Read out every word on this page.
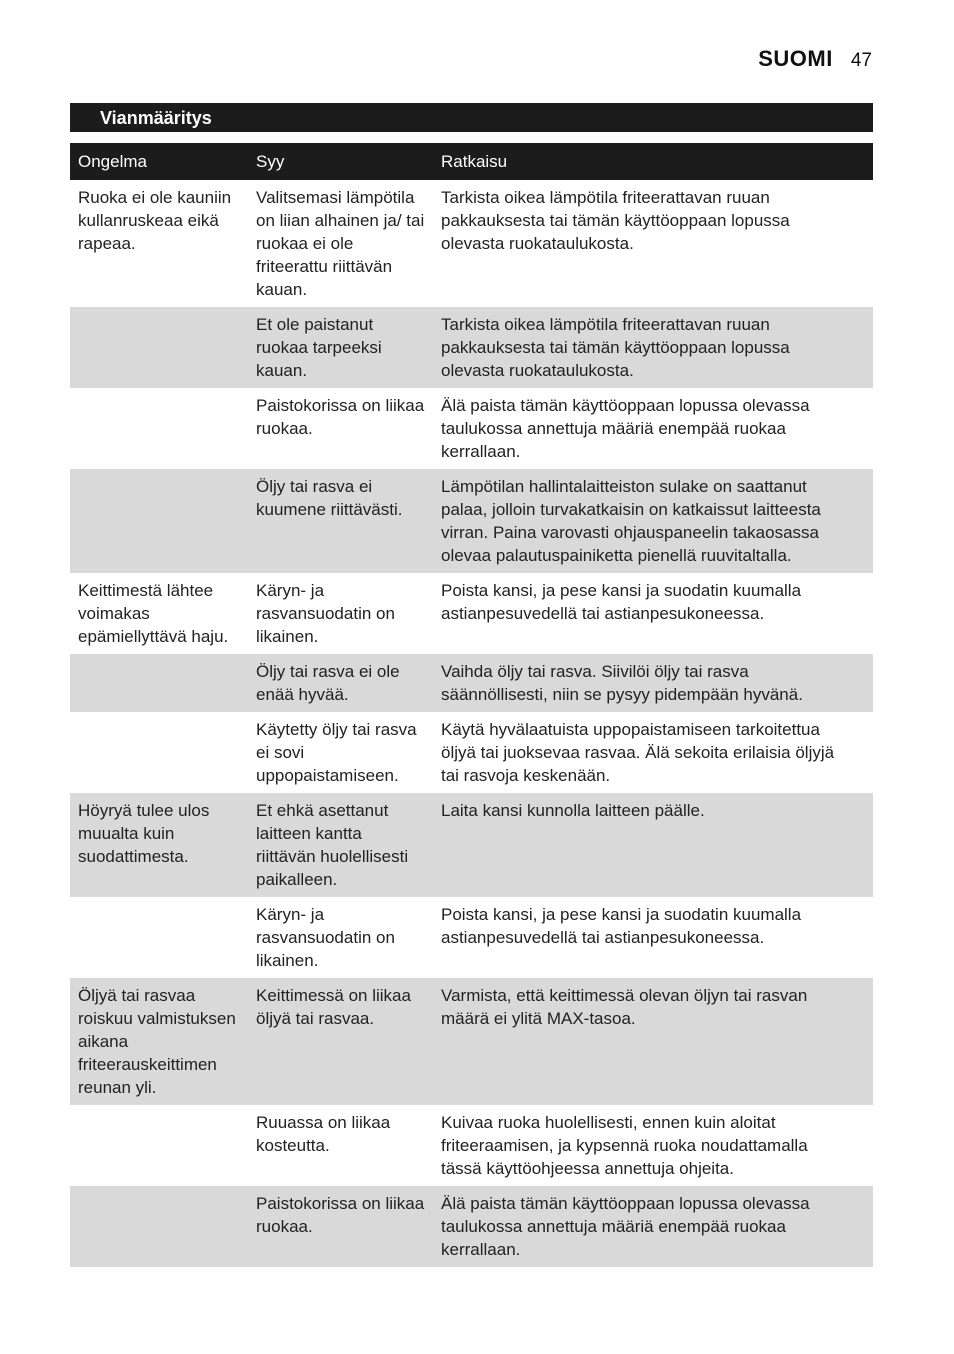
SUOMI 47
Vianmääritys
Ongelma	Syy	Ratkaisu
Ruoka ei ole kauniin kullanruskeaa eikä rapeaa.	Valitsemasi lämpötila on liian alhainen ja/ tai ruokaa ei ole friteerattu riittävän kauan.	Tarkista oikea lämpötila friteerattavan ruuan pakkauksesta tai tämän käyttöoppaan lopussa olevasta ruokataulukosta.
	Et ole paistanut ruokaa tarpeeksi kauan.	Tarkista oikea lämpötila friteerattavan ruuan pakkauksesta tai tämän käyttöoppaan lopussa olevasta ruokataulukosta.
	Paistokorissa on liikaa ruokaa.	Älä paista tämän käyttöoppaan lopussa olevassa taulukossa annettuja määriä enempää ruokaa kerrallaan.
	Öljy tai rasva ei kuumene riittävästi.	Lämpötilan hallintalaitteiston sulake on saattanut palaa, jolloin turvakatkaisin on katkaissut laitteesta virran. Paina varovasti ohjauspaneelin takaosassa olevaa palautuspainiketta pienellä ruuvitaltalla.
Keittimestä lähtee voimakas epämiellyttävä haju.	Käryn- ja rasvansuodatin on likainen.	Poista kansi, ja pese kansi ja suodatin kuumalla astianpesuvedellä tai astianpesukoneessa.
	Öljy tai rasva ei ole enää hyvää.	Vaihda öljy tai rasva. Siivilöi öljy tai rasva säännöllisesti, niin se pysyy pidempään hyvänä.
	Käytetty öljy tai rasva ei sovi uppopaistamiseen.	Käytä hyvälaatuista uppopaistamiseen tarkoitettua öljyä tai juoksevaa rasvaa. Älä sekoita erilaisia öljyjä tai rasvoja keskenään.
Höyryä tulee ulos muualta kuin suodattimesta.	Et ehkä asettanut laitteen kantta riittävän huolellisesti paikalleen.	Laita kansi kunnolla laitteen päälle.
	Käryn- ja rasvansuodatin on likainen.	Poista kansi, ja pese kansi ja suodatin kuumalla astianpesuvedellä tai astianpesukoneessa.
Öljyä tai rasvaa roiskuu valmistuksen aikana friteerauskeittimen reunan yli.	Keittimessä on liikaa öljyä tai rasvaa.	Varmista, että keittimessä olevan öljyn tai rasvan määrä ei ylitä MAX-tasoa.
	Ruuassa on liikaa kosteutta.	Kuivaa ruoka huolellisesti, ennen kuin aloitat friteeraamisen, ja kypsennä ruoka noudattamalla tässä käyttöohjeessa annettuja ohjeita.
	Paistokorissa on liikaa ruokaa.	Älä paista tämän käyttöoppaan lopussa olevassa taulukossa annettuja määriä enempää ruokaa kerrallaan.
